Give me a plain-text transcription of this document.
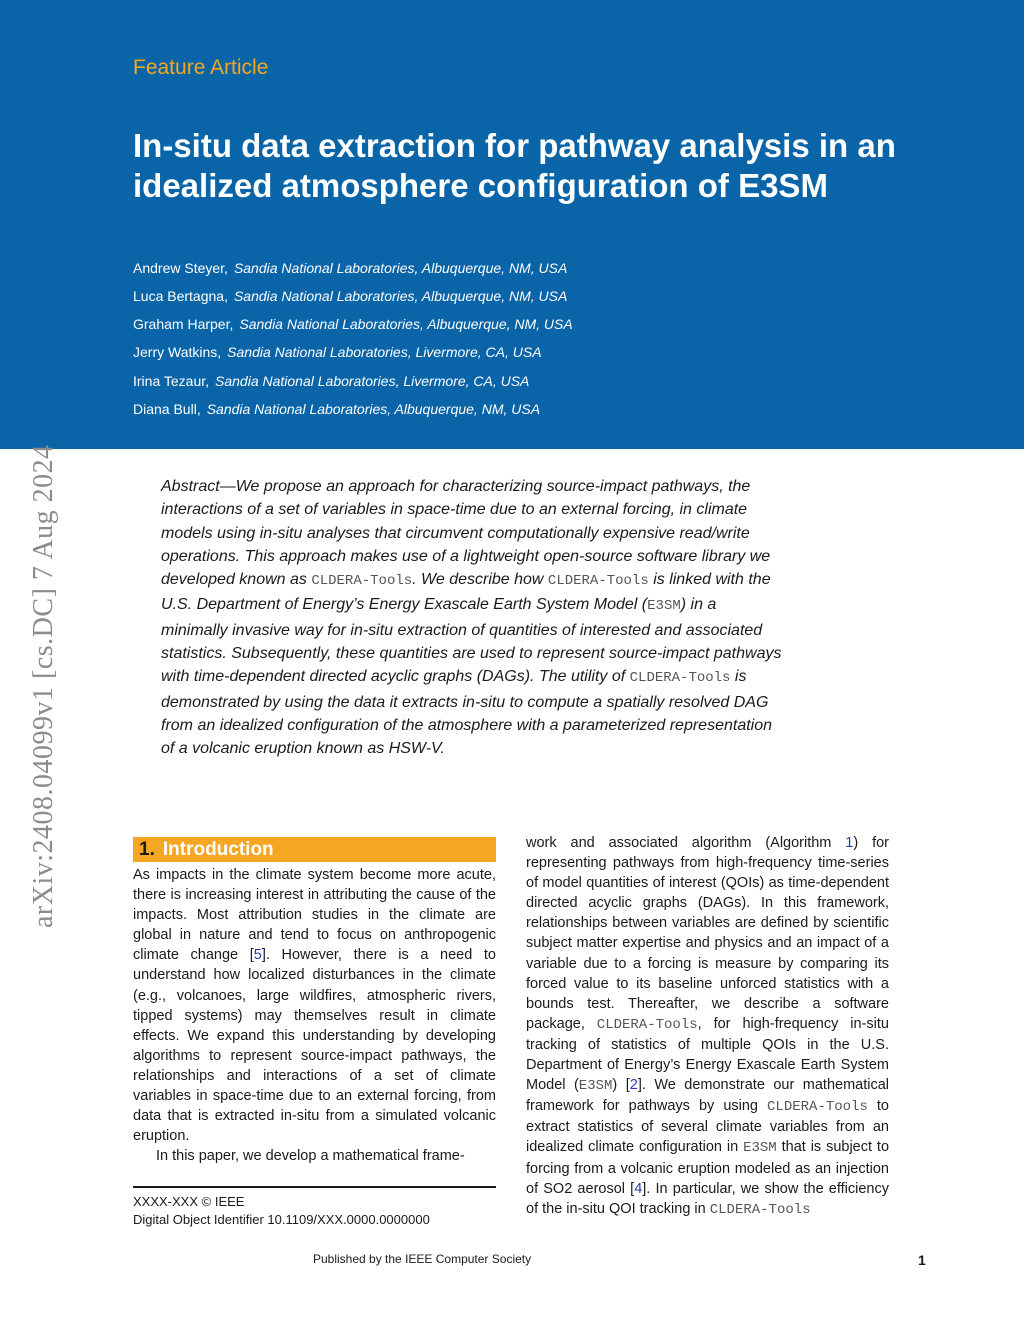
Feature Article
In-situ data extraction for pathway analysis in an idealized atmosphere configuration of E3SM
Andrew Steyer, Sandia National Laboratories, Albuquerque, NM, USA
Luca Bertagna, Sandia National Laboratories, Albuquerque, NM, USA
Graham Harper, Sandia National Laboratories, Albuquerque, NM, USA
Jerry Watkins, Sandia National Laboratories, Livermore, CA, USA
Irina Tezaur, Sandia National Laboratories, Livermore, CA, USA
Diana Bull, Sandia National Laboratories, Albuquerque, NM, USA
arXiv:2408.04099v1 [cs.DC] 7 Aug 2024	Abstract—We propose an approach for characterizing source-impact pathways, the interactions of a set of variables in space-time due to an external forcing, in climate models using in-situ analyses that circumvent computationally expensive read/write operations. This approach makes use of a lightweight open-source software library we developed known as CLDERA-Tools. We describe how CLDERA-Tools is linked with the U.S. Department of Energy’s Energy Exascale Earth System Model (E3SM) in a minimally invasive way for in-situ extraction of quantities of interested and associated statistics. Subsequently, these quantities are used to represent source-impact pathways with time-dependent directed acyclic graphs (DAGs). The utility of CLDERA-Tools is demonstrated by using the data it extracts in-situ to compute a spatially resolved DAG from an idealized configuration of the atmosphere with a parameterized representation of a volcanic eruption known as HSW-V.

1. Introduction

As impacts in the climate system become more acute, there is increasing interest in attributing the cause of the impacts. Most attribution studies in the climate are global in nature and tend to focus on anthropogenic climate change [5]. However, there is a need to understand how localized disturbances in the climate (e.g., volcanoes, large wildfires, atmospheric rivers, tipped systems) may themselves result in climate effects. We expand this understanding by developing algorithms to represent source-impact pathways, the relationships and interactions of a set of climate variables in space-time due to an external forcing, from data that is extracted in-situ from a simulated volcanic eruption.

In this paper, we develop a mathematical frame-

work and associated algorithm (Algorithm 1) for representing pathways from high-frequency time-series of model quantities of interest (QOIs) as time-dependent directed acyclic graphs (DAGs). In this framework, relationships between variables are defined by scientific subject matter expertise and physics and an impact of a variable due to a forcing is measure by comparing its forced value to its baseline unforced statistics with a bounds test. Thereafter, we describe a software package, CLDERA-Tools, for high-frequency in-situ tracking of statistics of multiple QOIs in the U.S. Department of Energy’s Energy Exascale Earth System Model (E3SM) [2]. We demonstrate our mathematical framework for pathways by using CLDERA-Tools to extract statistics of several climate variables from an idealized climate configuration in E3SM that is subject to forcing from a volcanic eruption modeled as an injection of SO2 aerosol [4]. In particular, we show the efficiency of the in-situ QOI tracking in CLDERA-Tools

XXXX-XXX © IEEE
Digital Object Identifier 10.1109/XXX.0000.0000000
Published by the IEEE Computer Society	1
